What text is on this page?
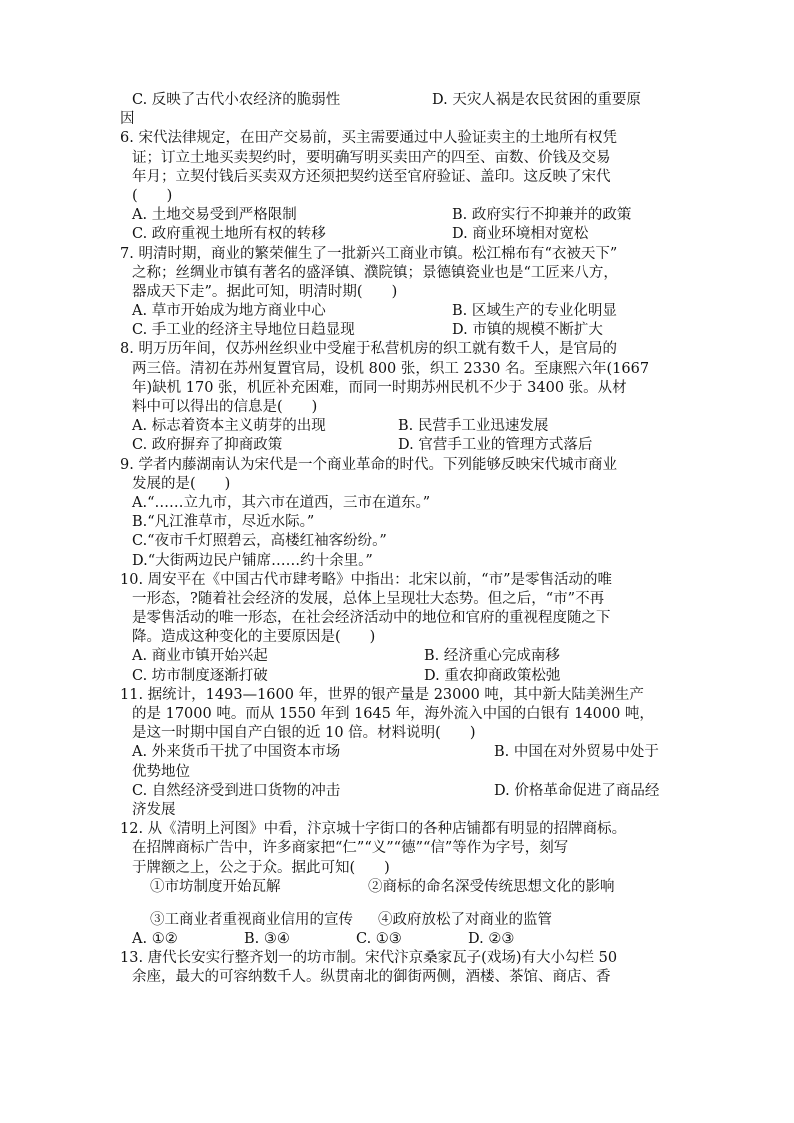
C. 反映了古代小农经济的脆弱性	D. 天灾人祸是农民贫困的重要原
因
6. 宋代法律规定，在田产交易前，买主需要通过中人验证卖主的土地所有权凭
证；订立土地买卖契约时，要明确写明买卖田产的四至、亩数、价钱及交易
年月；立契付钱后买卖双方还须把契约送至官府验证、盖印。这反映了宋代
(　　)
A. 土地交易受到严格限制	B. 政府实行不抑兼并的政策
C. 政府重视土地所有权的转移	D. 商业环境相对宽松
7. 明清时期，商业的繁荣催生了一批新兴工商业市镇。松江棉布有“衣被天下”
之称；丝绸业市镇有著名的盛泽镇、濮院镇；景德镇瓷业也是“工匠来八方，
器成天下走”。据此可知，明清时期(　　)
A. 草市开始成为地方商业中心	B. 区域生产的专业化明显
C. 手工业的经济主导地位日趋显现	D. 市镇的规模不断扩大
8. 明万历年间，仅苏州丝织业中受雇于私营机房的织工就有数千人，是官局的
两三倍。清初在苏州复置官局，设机 800 张，织工 2330 名。至康熙六年(1667
年)缺机 170 张，机匠补充困难，而同一时期苏州民机不少于 3400 张。从材
料中可以得出的信息是(　　)
A. 标志着资本主义萌芽的出现	B. 民营手工业迅速发展
C. 政府摒弃了抑商政策	D. 官营手工业的管理方式落后
9. 学者内藤湖南认为宋代是一个商业革命的时代。下列能够反映宋代城市商业
发展的是(　　)
A.“……立九市，其六市在道西，三市在道东。”
B.“凡江淮草市，尽近水际。”
C.“夜市千灯照碧云，高楼红袖客纷纷。”
D.“大街两边民户铺席……约十余里。”
10. 周安平在《中国古代市肆考略》中指出：北宋以前，“市”是零售活动的唯
一形态，?随着社会经济的发展，总体上呈现壮大态势。但之后，“市”不再
是零售活动的唯一形态，在社会经济活动中的地位和官府的重视程度随之下
降。造成这种变化的主要原因是(　　)
A. 商业市镇开始兴起	B. 经济重心完成南移
C. 坊市制度逐渐打破	D. 重农抑商政策松弛
11. 据统计，1493—1600 年，世界的银产量是 23000 吨，其中新大陆美洲生产
的是 17000 吨。而从 1550 年到 1645 年，海外流入中国的白银有 14000 吨，
是这一时期中国自产白银的近 10 倍。材料说明(　　)
A. 外来货币干扰了中国资本市场	B. 中国在对外贸易中处于
优势地位
C. 自然经济受到进口货物的冲击	D. 价格革命促进了商品经
济发展
12. 从《清明上河图》中看，汴京城十字街口的各种店铺都有明显的招牌商标。
在招牌商标广告中，许多商家把“仁”“义”“德”“信”等作为字号，刻写
于牌额之上，公之于众。据此可知(　　)
①市坊制度开始瓦解	②商标的命名深受传统思想文化的影响
③工商业者重视商业信用的宣传	④政府放松了对商业的监管
A. ①②	B. ③④	C. ①③	D. ②③
13. 唐代长安实行整齐划一的坊市制。宋代汴京桑家瓦子(戏场)有大小勾栏 50
余座，最大的可容纳数千人。纵贯南北的御街两侧，酒楼、茶馆、商店、香
